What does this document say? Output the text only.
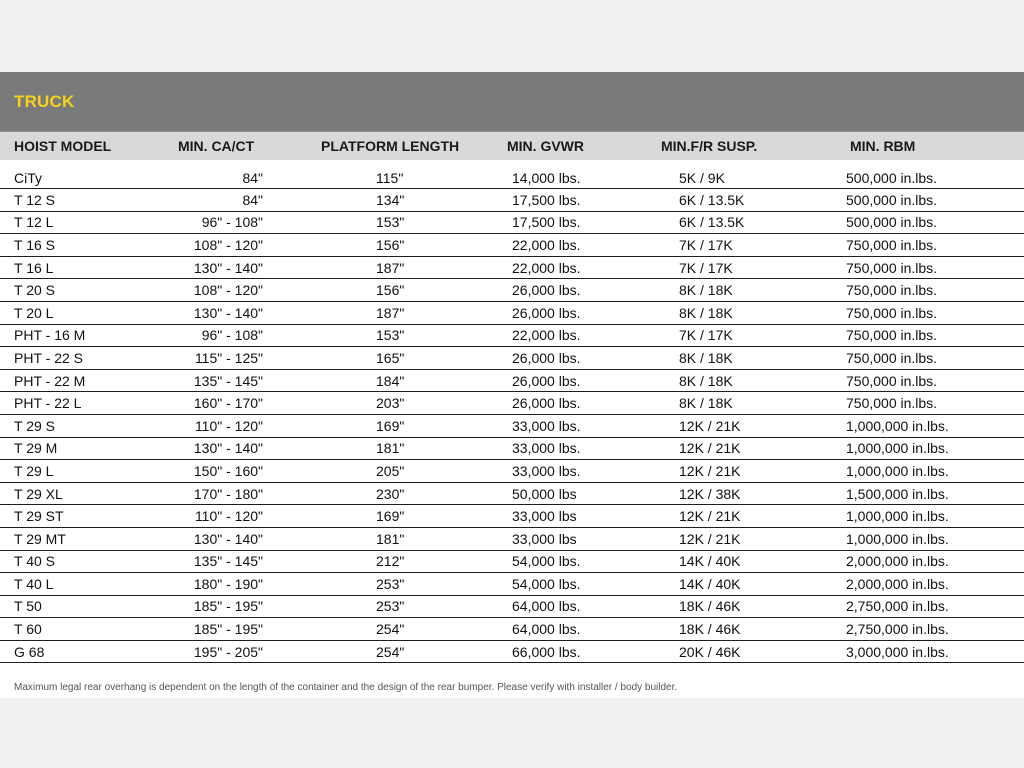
TRUCK
HOIST MODEL	MIN. CA/CT	PLATFORM LENGTH	MIN. GVWR	MIN.F/R SUSP.	MIN. RBM
CiTy	84"	115"	14,000 lbs.	5K / 9K	500,000 in.lbs.
T 12 S	84"	134"	17,500 lbs.	6K / 13.5K	500,000 in.lbs.
T 12 L	96" - 108"	153"	17,500 lbs.	6K / 13.5K	500,000 in.lbs.
T 16 S	108" - 120"	156"	22,000 lbs.	7K / 17K	750,000 in.lbs.
T 16 L	130" - 140"	187"	22,000 lbs.	7K / 17K	750,000 in.lbs.
T 20 S	108" - 120"	156"	26,000 lbs.	8K / 18K	750,000 in.lbs.
T 20 L	130" - 140"	187"	26,000 lbs.	8K / 18K	750,000 in.lbs.
PHT - 16 M	96" - 108"	153"	22,000 lbs.	7K / 17K	750,000 in.lbs.
PHT - 22 S	115" - 125"	165"	26,000 lbs.	8K / 18K	750,000 in.lbs.
PHT - 22 M	135" - 145"	184"	26,000 lbs.	8K / 18K	750,000 in.lbs.
PHT - 22 L	160" - 170"	203"	26,000 lbs.	8K / 18K	750,000 in.lbs.
T 29 S	110" - 120"	169"	33,000 lbs.	12K / 21K	1,000,000 in.lbs.
T 29 M	130" - 140"	181"	33,000 lbs.	12K / 21K	1,000,000 in.lbs.
T 29 L	150" - 160"	205"	33,000 lbs.	12K / 21K	1,000,000 in.lbs.
T 29 XL	170" - 180"	230"	50,000 lbs	12K / 38K	1,500,000 in.lbs.
T 29 ST	110" - 120"	169"	33,000 lbs	12K / 21K	1,000,000 in.lbs.
T 29 MT	130" - 140"	181"	33,000 lbs	12K / 21K	1,000,000 in.lbs.
T 40 S	135" - 145"	212"	54,000 lbs.	14K / 40K	2,000,000 in.lbs.
T 40 L	180" - 190"	253"	54,000 lbs.	14K / 40K	2,000,000 in.lbs.
T 50	185" - 195"	253"	64,000 lbs.	18K / 46K	2,750,000 in.lbs.
T 60	185" - 195"	254"	64,000 lbs.	18K / 46K	2,750,000 in.lbs.
G 68	195" - 205"	254"	66,000 lbs.	20K / 46K	3,000,000 in.lbs.
Maximum legal rear overhang is dependent on the length of the container and the design of the rear bumper. Please verify with installer / body builder.
